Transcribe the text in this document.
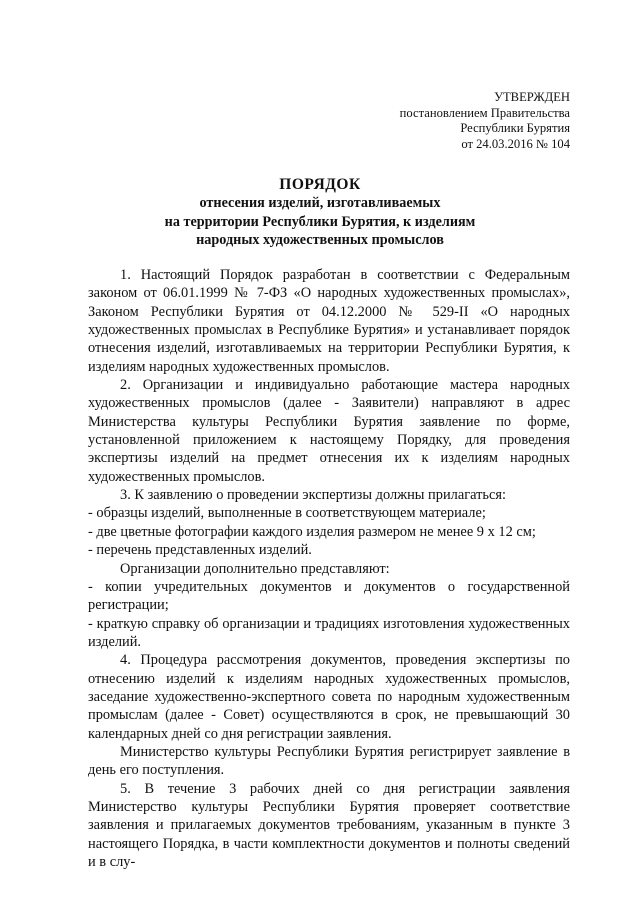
УТВЕРЖДЕН
постановлением Правительства
Республики Бурятия
от 24.03.2016 № 104
ПОРЯДОК
отнесения изделий, изготавливаемых
на территории Республики Бурятия, к изделиям
народных художественных промыслов

1. Настоящий Порядок разработан в соответствии с Федеральным законом от 06.01.1999 № 7-ФЗ «О народных художественных промыслах», Законом Республики Бурятия от 04.12.2000 № 529-II «О народных художественных промыслах в Республике Бурятия» и устанавливает порядок отнесения изделий, изготавливаемых на территории Республики Бурятия, к изделиям народных художественных промыслов.

2. Организации и индивидуально работающие мастера народных художественных промыслов (далее - Заявители) направляют в адрес Министерства культуры Республики Бурятия заявление по форме, установленной приложением к настоящему Порядку, для проведения экспертизы изделий на предмет отнесения их к изделиям народных художественных промыслов.

3. К заявлению о проведении экспертизы должны прилагаться:

- образцы изделий, выполненные в соответствующем материале;

- две цветные фотографии каждого изделия размером не менее 9 х 12 см;

- перечень представленных изделий.

Организации дополнительно представляют:

- копии учредительных документов и документов о государственной регистрации;

- краткую справку об организации и традициях изготовления художественных изделий.

4. Процедура рассмотрения документов, проведения экспертизы по отнесению изделий к изделиям народных художественных промыслов, заседание художественно-экспертного совета по народным художественным промыслам (далее - Совет) осуществляются в срок, не превышающий 30 календарных дней со дня регистрации заявления.

Министерство культуры Республики Бурятия регистрирует заявление в день его поступления.

5. В течение 3 рабочих дней со дня регистрации заявления Министерство культуры Республики Бурятия проверяет соответствие заявления и прилагаемых документов требованиям, указанным в пункте 3 настоящего Порядка, в части комплектности документов и полноты сведений и в слу-
